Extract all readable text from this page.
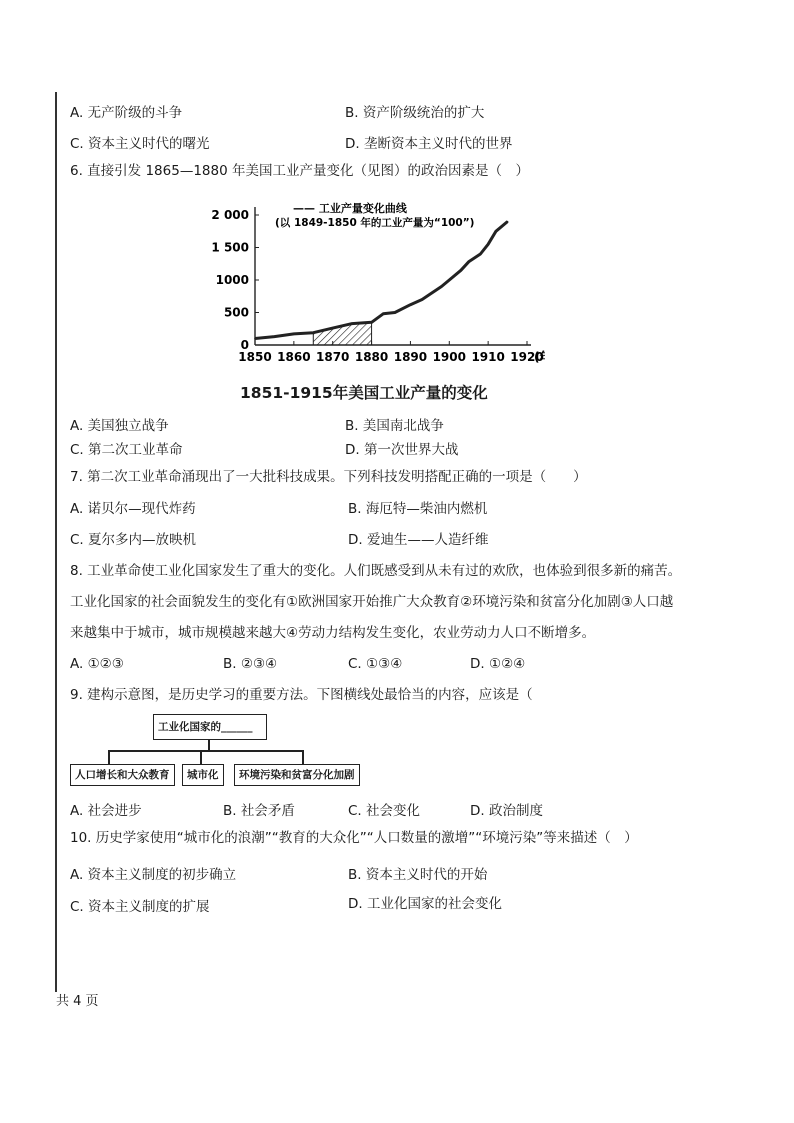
A. 无产阶级的斗争	B. 资产阶级统治的扩大
C. 资本主义时代的曙光	D. 垄断资本主义时代的世界
6. 直接引发 1865—1880 年美国工业产量变化（见图）的政治因素是（　）
1850 1860 1870 1880 1890 1900 1910 1920
(
2 000
1 500
1000
500
0
—— 工业产量变化曲线
(以 1849-1850 年的工业产量为“100”)
1851-1915年美国工业产量的变化
A. 美国独立战争	B. 美国南北战争
C. 第二次工业革命	D. 第一次世界大战
7. 第二次工业革命涌现出了一大批科技成果。下列科技发明搭配正确的一项是（　　）
A. 诺贝尔—现代炸药	B. 海厄特—柴油内燃机
C. 夏尔多内—放映机	D. 爱迪生——人造纤维
8. 工业革命使工业化国家发生了重大的变化。人们既感受到从未有过的欢欣，也体验到很多新的痛苦。
工业化国家的社会面貌发生的变化有①欧洲国家开始推广大众教育②环境污染和贫富分化加剧③人口越
来越集中于城市，城市规模越来越大④劳动力结构发生变化，农业劳动力人口不断增多。
A. ①②③	B. ②③④	C. ①③④	D. ①②④
9. 建构示意图，是历史学习的重要方法。下图横线处最恰当的内容，应该是（
工业化国家的______
人口增长和大众教育	城市化	环境污染和贫富分化加剧
A. 社会进步	B. 社会矛盾	C. 社会变化	D. 政治制度
10. 历史学家使用“城市化的浪潮”“教育的大众化”“人口数量的激增”“环境污染”等来描述（　）
A. 资本主义制度的初步确立	B. 资本主义时代的开始
C. 资本主义制度的扩展	D. 工业化国家的社会变化
共 4 页
